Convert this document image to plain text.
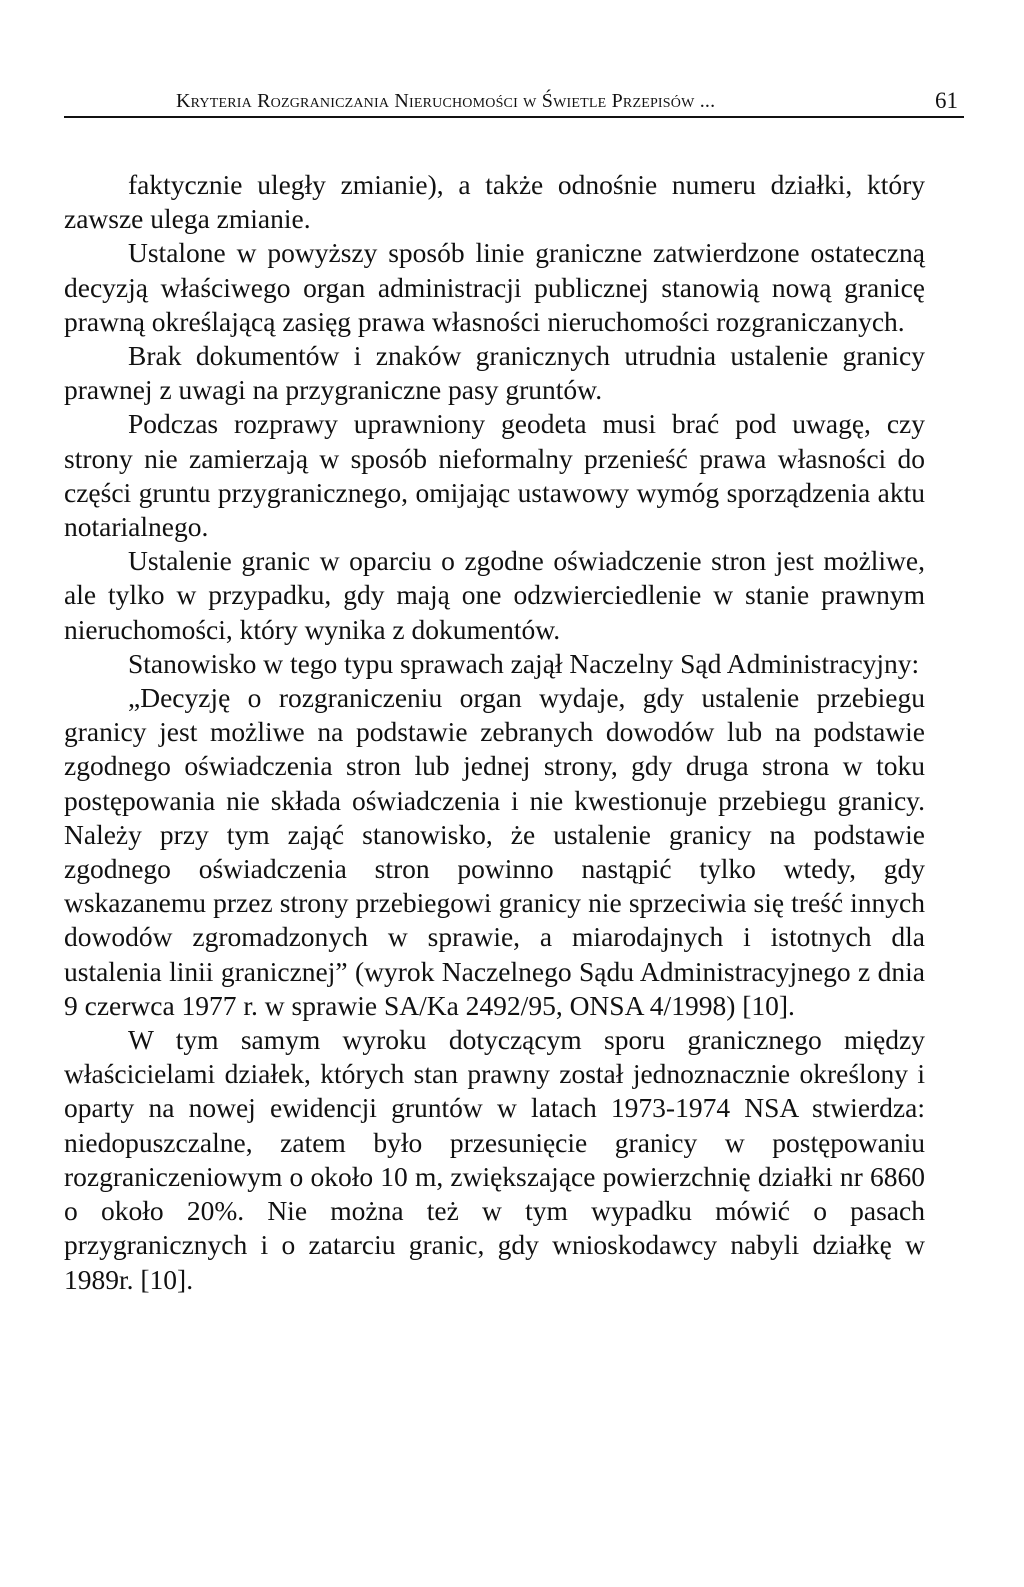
Kryteria Rozgraniczania Nieruchomości w Świetle Przepisów ...	61

faktycznie uległy zmianie), a także odnośnie numeru działki, który zawsze ulega zmianie.

Ustalone w powyższy sposób linie graniczne zatwierdzone ostateczną decyzją właściwego organ administracji publicznej stanowią nową granicę prawną określającą zasięg prawa własności nieruchomości rozgraniczanych.

Brak dokumentów i znaków granicznych utrudnia ustalenie granicy prawnej z uwagi na przygraniczne pasy gruntów.

Podczas rozprawy uprawniony geodeta musi brać pod uwagę, czy strony nie zamierzają w sposób nieformalny przenieść prawa własności do części gruntu przygranicznego, omijając ustawowy wymóg sporządzenia aktu notarialnego.

Ustalenie granic w oparciu o zgodne oświadczenie stron jest możliwe, ale tylko w przypadku, gdy mają one odzwierciedlenie w stanie prawnym nieruchomości, który wynika z dokumentów.

Stanowisko w tego typu sprawach zajął Naczelny Sąd Administracyjny:

„Decyzję o rozgraniczeniu organ wydaje, gdy ustalenie przebiegu granicy jest możliwe na podstawie zebranych dowodów lub na podstawie zgodnego oświadczenia stron lub jednej strony, gdy druga strona w toku postępowania nie składa oświadczenia i nie kwestionuje przebiegu granicy. Należy przy tym zająć stanowisko, że ustalenie granicy na podstawie zgodnego oświadczenia stron powinno nastąpić tylko wtedy, gdy wskazanemu przez strony przebiegowi granicy nie sprzeciwia się treść innych dowodów zgromadzonych w sprawie, a miarodajnych i istotnych dla ustalenia linii granicznej” (wyrok Naczelnego Sądu Administracyjnego z dnia 9 czerwca 1977 r. w sprawie SA/Ka 2492/95, ONSA 4/1998) [10].

W tym samym wyroku dotyczącym sporu granicznego między właścicielami działek, których stan prawny został jednoznacznie określony i oparty na nowej ewidencji gruntów w latach 1973-1974 NSA stwierdza: niedopuszczalne, zatem było przesunięcie granicy w postępowaniu rozgraniczeniowym o około 10 m, zwiększające powierzchnię działki nr 6860 o około 20%. Nie można też w tym wypadku mówić o pasach przygranicznych i o zatarciu granic, gdy wnioskodawcy nabyli działkę w 1989r. [10].
